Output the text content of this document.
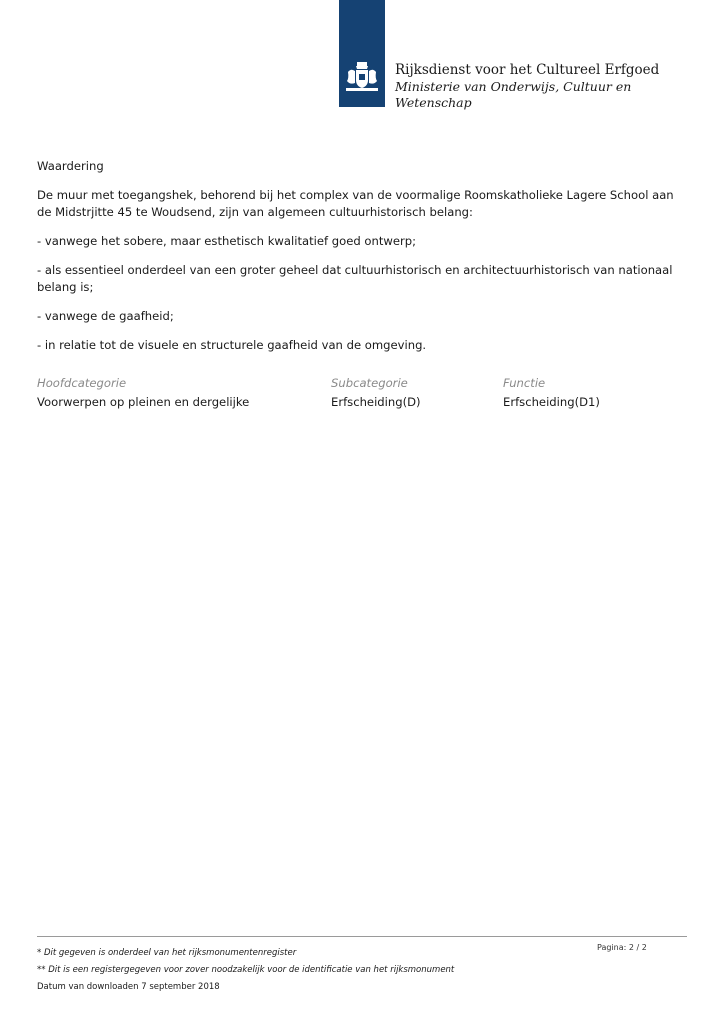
Rijksdienst voor het Cultureel Erfgoed
Ministerie van Onderwijs, Cultuur en
Wetenschap

Waardering

De muur met toegangshek, behorend bij het complex van de voormalige Roomskatholieke Lagere School aan de Midstrjitte 45 te Woudsend, zijn van algemeen cultuurhistorisch belang:

- vanwege het sobere, maar esthetisch kwalitatief goed ontwerp;

- als essentieel onderdeel van een groter geheel dat cultuurhistorisch en architectuurhistorisch van nationaal belang is;

- vanwege de gaafheid;

- in relatie tot de visuele en structurele gaafheid van de omgeving.

Hoofdcategorie	Subcategorie	Functie
Voorwerpen op pleinen en dergelijke	Erfscheiding(D)	Erfscheiding(D1)
Pagina: 2 / 2
* Dit gegeven is onderdeel van het rijksmonumentenregister
** Dit is een registergegeven voor zover noodzakelijk voor de identificatie van het rijksmonument
Datum van downloaden 7 september 2018
